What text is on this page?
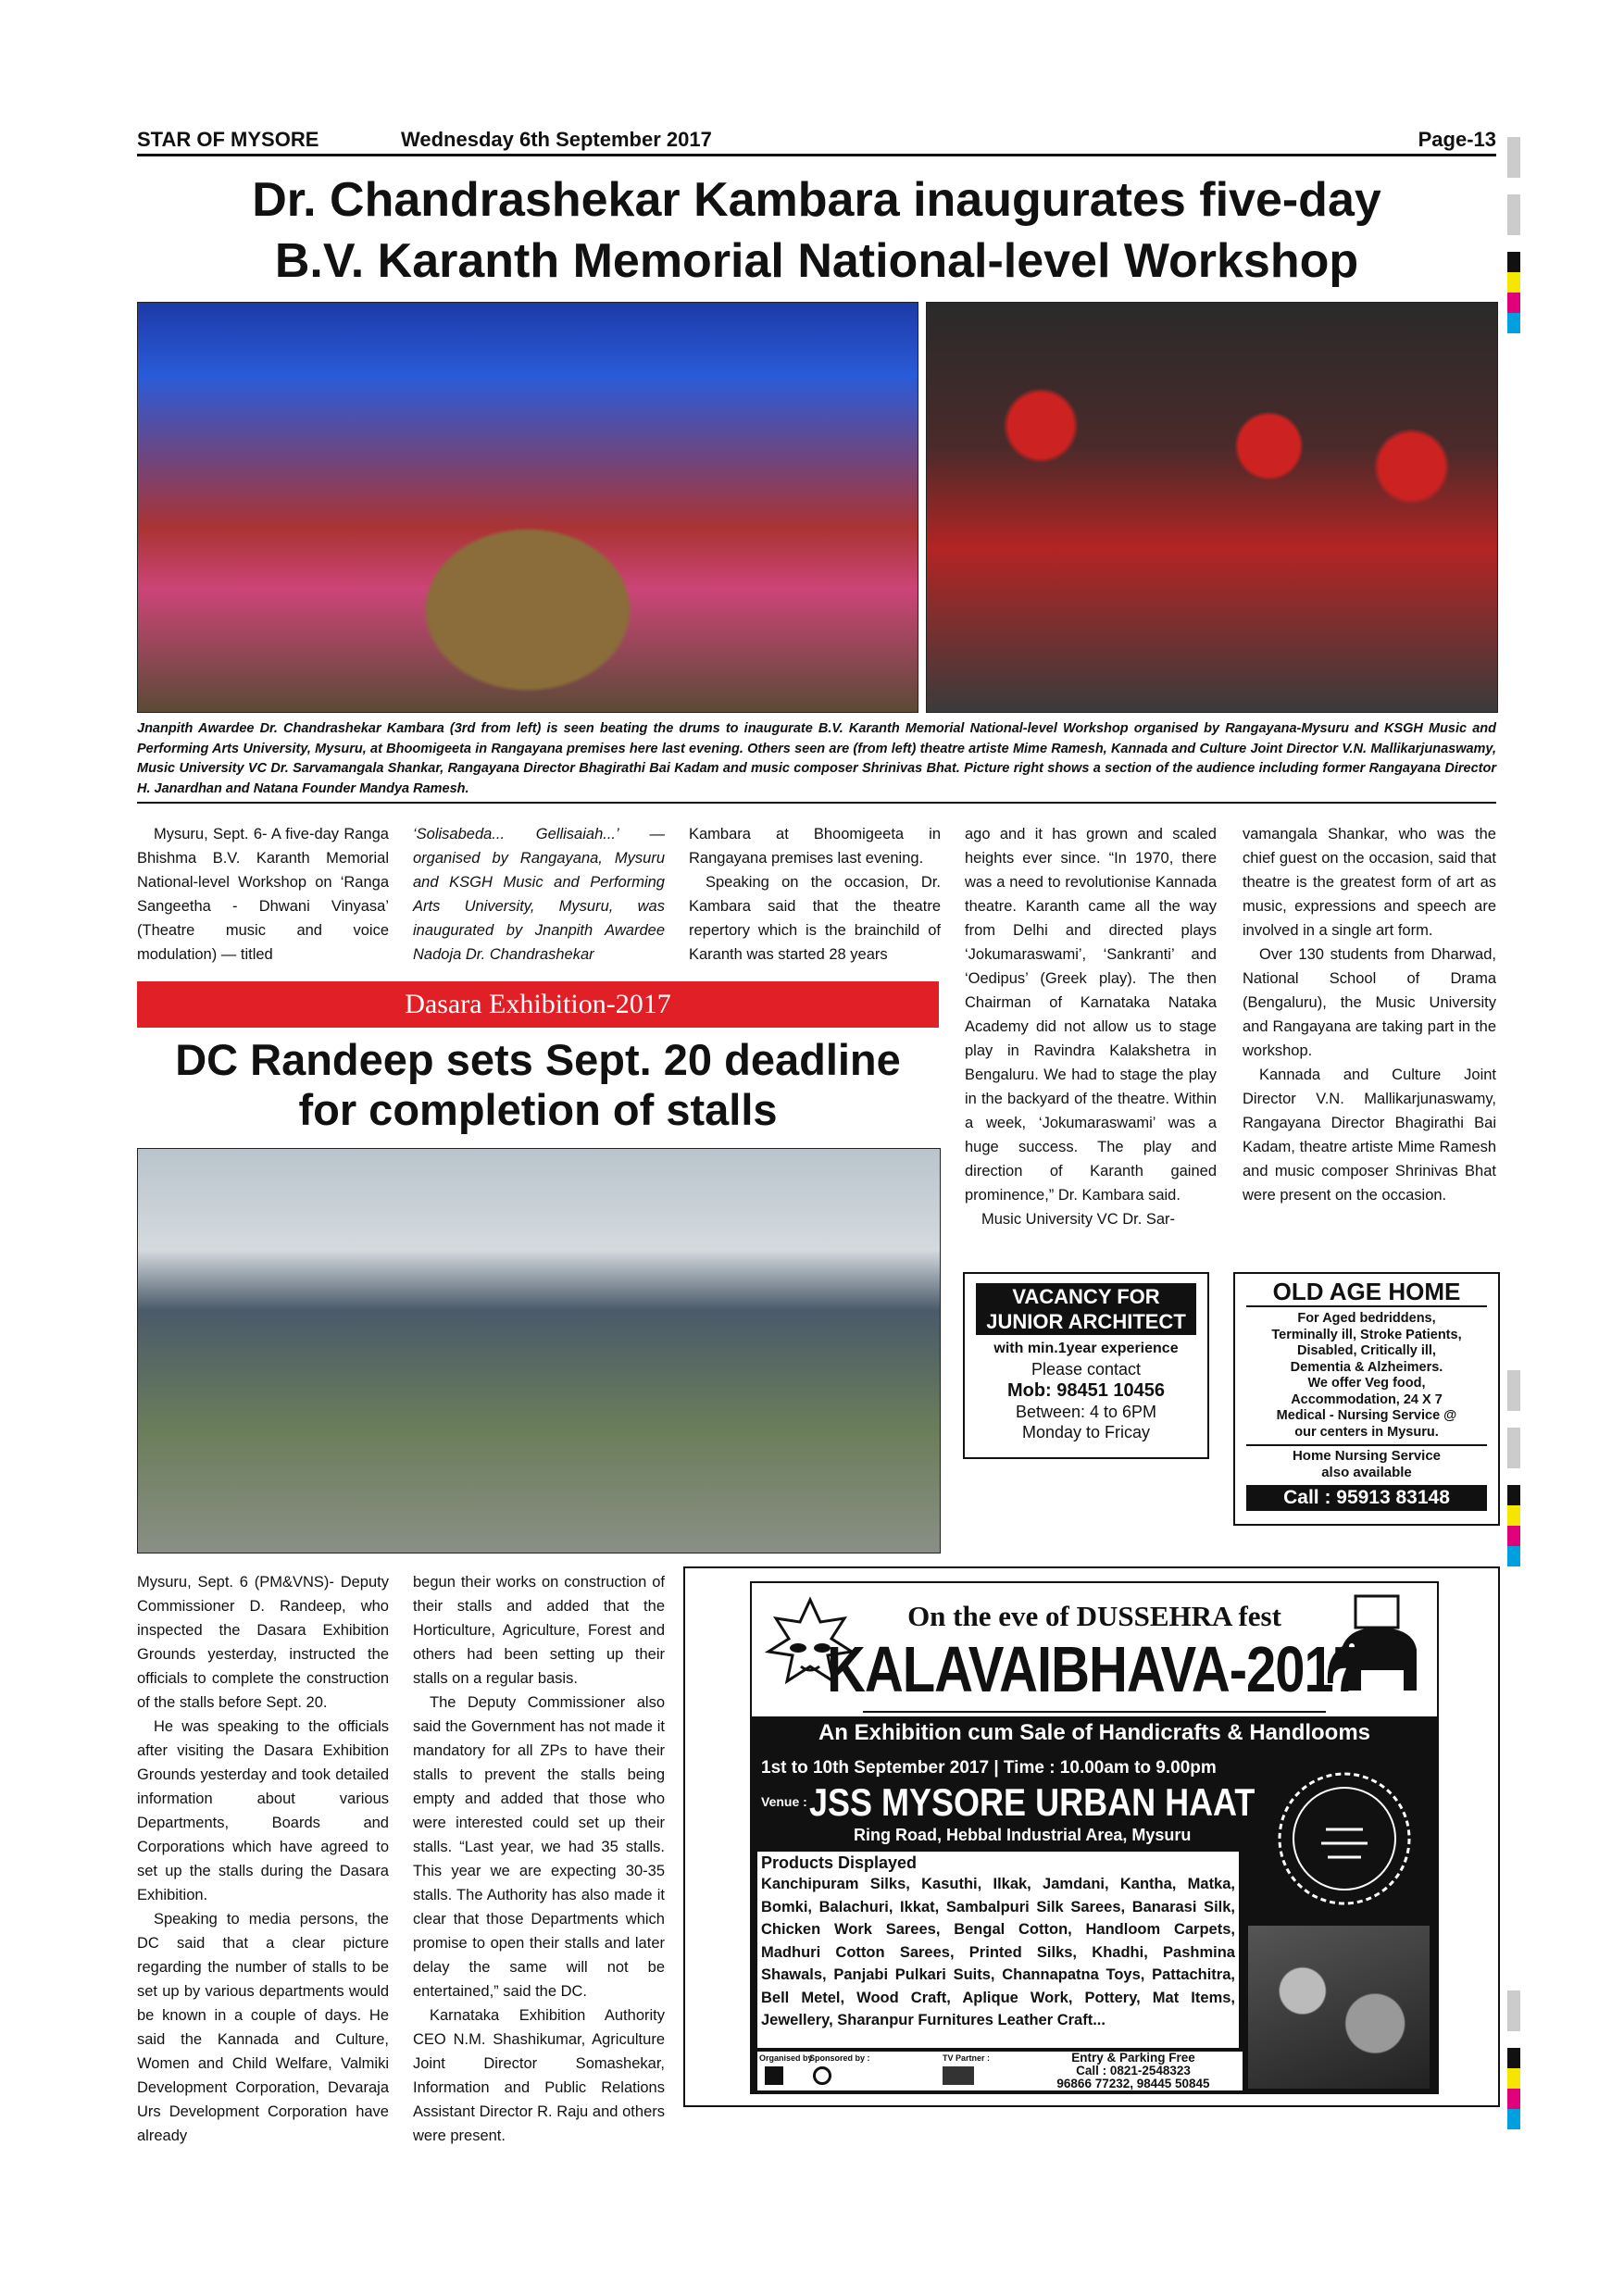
STAR OF MYSORE	Wednesday 6th September 2017	Page-13
Dr. Chandrashekar Kambara inaugurates five-day
B.V. Karanth Memorial National-level Workshop
Jnanpith Awardee Dr. Chandrashekar Kambara (3rd from left) is seen beating the drums to inaugurate B.V. Karanth Memorial National-level Workshop organised by Rangayana-Mysuru and KSGH Music and Performing Arts University, Mysuru, at Bhoomigeeta in Rangayana premises here last evening. Others seen are (from left) theatre artiste Mime Ramesh, Kannada and Culture Joint Director V.N. Mallikarjunaswamy, Music University VC Dr. Sarvamangala Shankar, Rangayana Director Bhagirathi Bai Kadam and music composer Shrinivas Bhat. Picture right shows a section of the audience including former Rangayana Director H. Janardhan and Natana Founder Mandya Ramesh.

Mysuru, Sept. 6- A five-day Ranga Bhishma B.V. Karanth Memorial National-level Workshop on ‘Ranga Sangeetha - Dhwani Vinyasa’ (Theatre music and voice modulation) — titled

‘Solisabeda... Gellisaiah...’ — organised by Rangayana, Mysuru and KSGH Music and Performing Arts University, Mysuru, was inaugurated by Jnanpith Awardee Nadoja Dr. Chandrashekar

Kambara at Bhoomigeeta in Rangayana premises last evening.

Speaking on the occasion, Dr. Kambara said that the theatre repertory which is the brainchild of Karanth was started 28 years

ago and it has grown and scaled heights ever since. “In 1970, there was a need to revolutionise Kannada theatre. Karanth came all the way from Delhi and directed plays ‘Jokumaraswami’, ‘Sankranti’ and ‘Oedipus’ (Greek play). The then Chairman of Karnataka Nataka Academy did not allow us to stage play in Ravindra Kalakshetra in Bengaluru. We had to stage the play in the backyard of the theatre. Within a week, ‘Jokumaraswami’ was a huge success. The play and direction of Karanth gained prominence,” Dr. Kambara said.

Music University VC Dr. Sar-

vamangala Shankar, who was the chief guest on the occasion, said that theatre is the greatest form of art as music, expressions and speech are involved in a single art form.

Over 130 students from Dharwad, National School of Drama (Bengaluru), the Music University and Rangayana are taking part in the workshop.

Kannada and Culture Joint Director V.N. Mallikarjunaswamy, Rangayana Director Bhagirathi Bai Kadam, theatre artiste Mime Ramesh and music composer Shrinivas Bhat were present on the occasion.

Dasara Exhibition-2017
DC Randeep sets Sept. 20 deadline
for completion of stalls

Mysuru, Sept. 6 (PM&VNS)- Deputy Commissioner D. Randeep, who inspected the Dasara Exhibition Grounds yesterday, instructed the officials to complete the construction of the stalls before Sept. 20.

He was speaking to the officials after visiting the Dasara Exhibition Grounds yesterday and took detailed information about various Departments, Boards and Corporations which have agreed to set up the stalls during the Dasara Exhibition.

Speaking to media persons, the DC said that a clear picture regarding the number of stalls to be set up by various departments would be known in a couple of days. He said the Kannada and Culture, Women and Child Welfare, Valmiki Development Corporation, Devaraja Urs Development Corporation have already

begun their works on construction of their stalls and added that the Horticulture, Agriculture, Forest and others had been setting up their stalls on a regular basis.

The Deputy Commissioner also said the Government has not made it mandatory for all ZPs to have their stalls to prevent the stalls being empty and added that those who were interested could set up their stalls. “Last year, we had 35 stalls. This year we are expecting 30-35 stalls. The Authority has also made it clear that those Departments which promise to open their stalls and later delay the same will not be entertained,” said the DC.

Karnataka Exhibition Authority CEO N.M. Shashikumar, Agriculture Joint Director Somashekar, Information and Public Relations Assistant Director R. Raju and others were present.

VACANCY FOR
JUNIOR ARCHITECT
with min.1year experience
Please contact
Mob: 98451 10456
Between: 4 to 6PM
Monday to Fricay
OLD AGE HOME
For Aged bedriddens,
Terminally ill, Stroke Patients,
Disabled, Critically ill,
Dementia & Alzheimers.
We offer Veg food,
Accommodation, 24 X 7
Medical - Nursing Service @
our centers in Mysuru.
Home Nursing Service
also available
Call : 95913 83148
On the eve of DUSSEHRA fest
KALAVAIBHAVA-2017
An Exhibition cum Sale of Handicrafts & Handlooms
1st to 10th September 2017 | Time : 10.00am to 9.00pm
Venue : JSS MYSORE URBAN HAAT
Ring Road, Hebbal Industrial Area, Mysuru
Products Displayed
Kanchipuram Silks, Kasuthi, Ilkak, Jamdani, Kantha, Matka, Bomki, Balachuri, Ikkat, Sambalpuri Silk Sarees, Banarasi Silk, Chicken Work Sarees, Bengal Cotton, Handloom Carpets, Madhuri Cotton Sarees, Printed Silks, Khadhi, Pashmina Shawals, Panjabi Pulkari Suits, Channapatna Toys, Pattachitra, Bell Metel, Wood Craft, Aplique Work, Pottery, Mat Items, Jewellery, Sharanpur Furnitures Leather Craft...
Organised by :
Sponsored by :	TV Partner :	Entry & Parking Free
Call : 0821-2548323
96866 77232, 98445 50845
